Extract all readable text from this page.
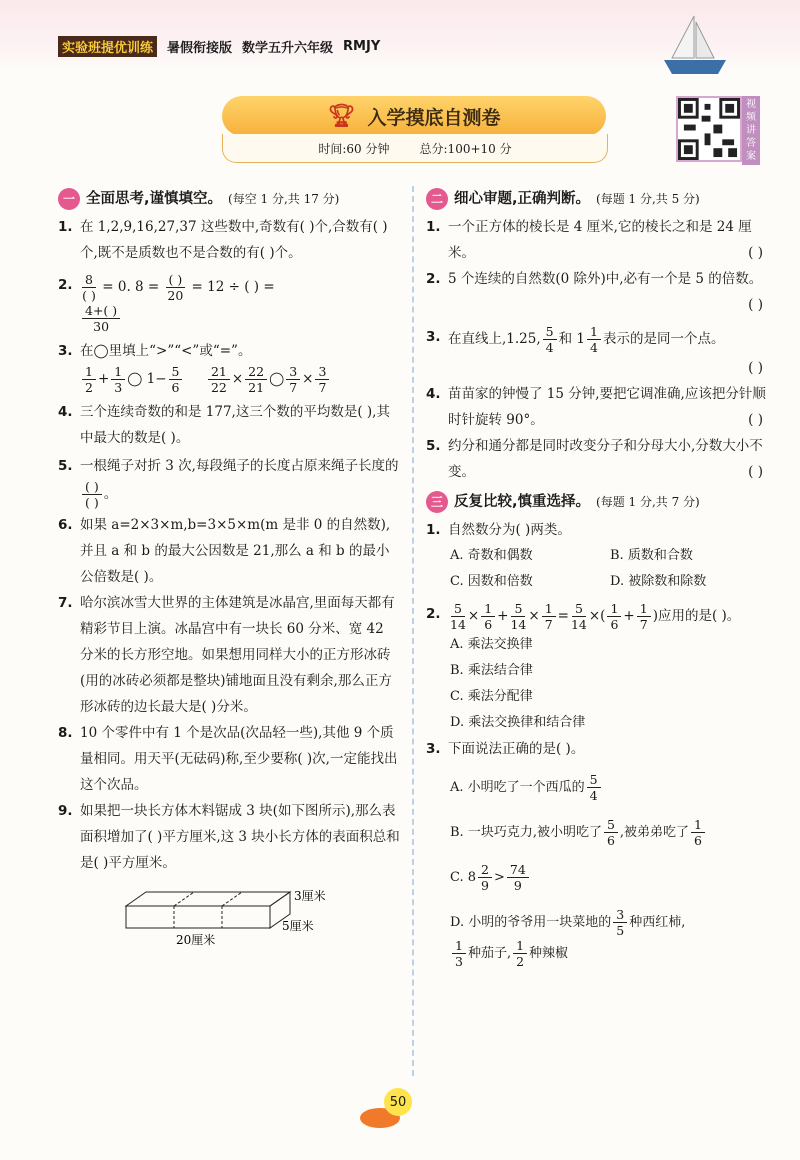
实验班提优训练	暑假衔接版 数学五升六年级 RMJY
🏆︎ 入学摸底自测卷
时间:60 分钟	总分:100+10 分
视频讲答案
一 全面思考,谨慎填空。 (每空 1 分,共 17 分)
1. 在 1,2,9,16,27,37 这些数中,奇数有( )个,合数有( )个,既不是质数也不是合数的有( )个。
2. $\frac{8}{( )} = 0$. $8 = \frac{( )}{20} = 12$ ÷ ( ) =

$\frac{4+( )}{30}$
3. 在◯里填上“>”“<”或“=”。

$\frac{1}{2} + \frac{1}{3}$ ◯ $1- \frac{5}{6}$
$\frac{21}{22} \times \frac{22}{21}$ ◯ $\frac{3}{7} \times \frac{3}{7}$
4. 三个连续奇数的和是 177,这三个数的平均数是( ),其中最大的数是( )。
5. 一根绳子对折 3 次,每段绳子的长度占原来绳子长度的
$\frac{( )}{( )}$ 。
6. 如果 a=2×3×m,b=3×5×m(m 是非 0 的自然数),并且 a 和 b 的最大公因数是 21,那么 a 和 b 的最小公倍数是( )。
7. 哈尔滨冰雪大世界的主体建筑是冰晶宫,里面每天都有精彩节目上演。冰晶宫中有一块长 60 分米、宽 42 分米的长方形空地。如果想用同样大小的正方形冰砖(用的冰砖必须都是整块)铺地面且没有剩余,那么正方形冰砖的边长最大是( )分米。
8. 10 个零件中有 1 个是次品(次品轻一些),其他 9 个质量相同。用天平(无砝码)称,至少要称( )次,一定能找出这个次品。
9. 如果把一块长方体木料锯成 3 块(如下图所示),那么表面积增加了( )平方厘米,这 3 块小长方体的表面积总和是( )平方厘米。
3厘米
5厘米
20厘米
二 细心审题,正确判断。 (每题 1 分,共 5 分)
1. 一个正方体的棱长是 4 厘米,它的棱长之和是 24 厘米。	( )
2. 5 个连续的自然数(0 除外)中,必有一个是 5 的倍数。
( )
3. 在直线上,1.25, $\frac{5}{4}$ 和 $1 \frac{1}{4}$ 表示的是同一个点。

( )
4. 苗苗家的钟慢了 15 分钟,要把它调准确,应该把分针顺时针旋转 90°。	( )
5. 约分和通分都是同时改变分子和分母大小,分数大小不变。	( )
三 反复比较,慎重选择。 (每题 1 分,共 7 分)
1. 自然数分为( )两类。
A. 奇数和偶数	B. 质数和合数
C. 因数和倍数	D. 被除数和除数
2. $\frac{5}{14} \times \frac{1}{6} + \frac{5}{14} \times \frac{1}{7} = \frac{5}{14}$ ×( $\frac{1}{6} + \frac{1}{7}$ )应用的是( )。
A. 乘法交换律
B. 乘法结合律
C. 乘法分配律
D. 乘法交换律和结合律
3. 下面说法正确的是( )。
A. 小明吃了一个西瓜的 $\frac{5}{4}$
B. 一块巧克力,被小明吃了 $\frac{5}{6}$ ,被弟弟吃了 $\frac{1}{6}$
C. $8 \frac{2}{9} > \frac{74}{9}$
D. 小明的爷爷用一块菜地的 $\frac{3}{5}$ 种西红柿,

$\frac{1}{3}$ 种茄子, $\frac{1}{2}$ 种辣椒
50
